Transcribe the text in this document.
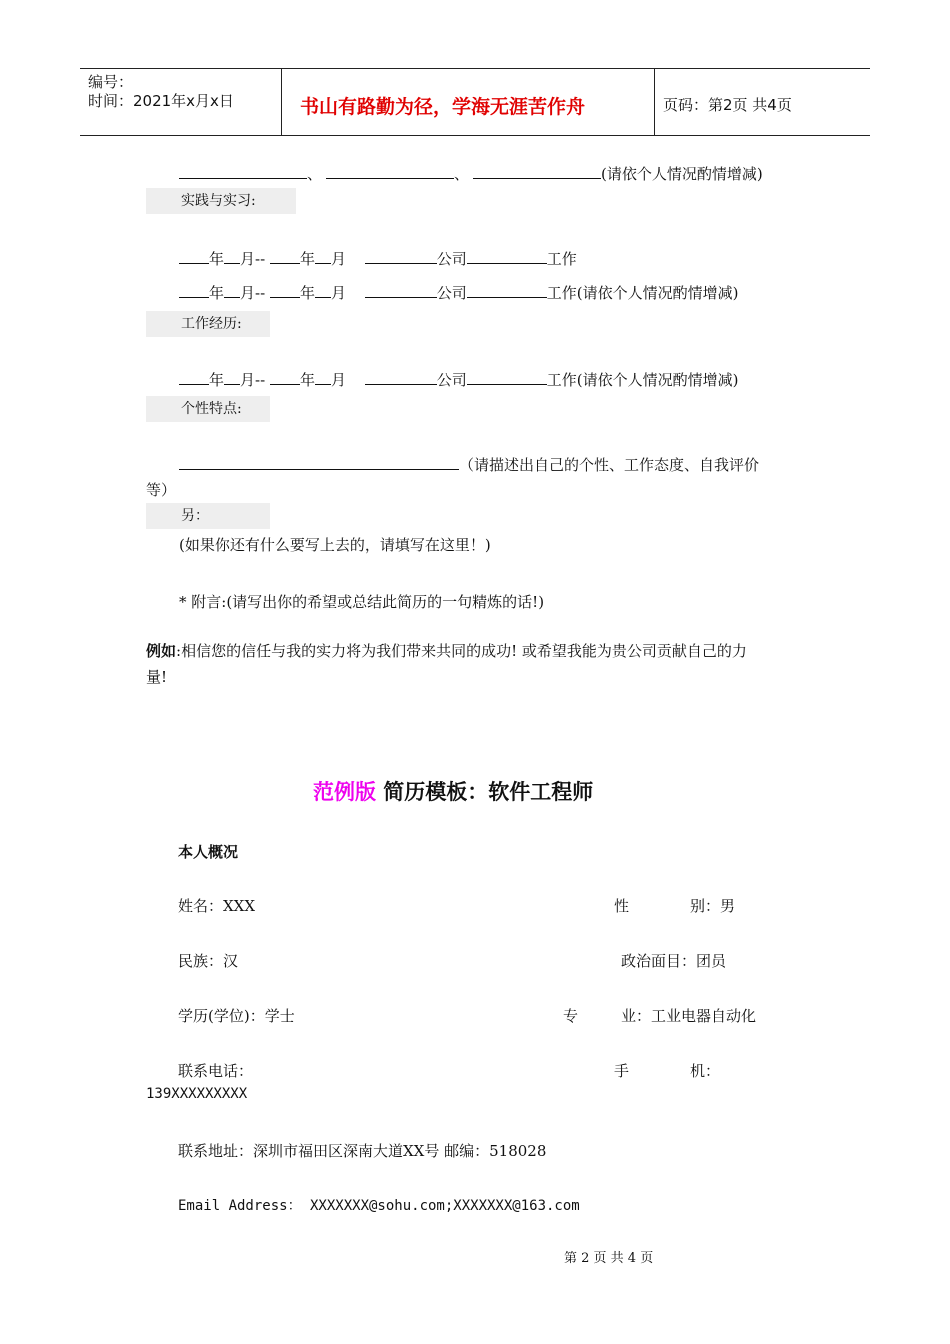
编号：
时间：2021年x月x日	书山有路勤为径，学海无涯苦作舟	页码：第2页 共4页
、	、	(请依个人情况酌情增减)
实践与实习:
年 月-- 年 月	公司	工作
年 月-- 年 月	公司	工作(请依个人情况酌情增减)
工作经历:
年 月-- 年 月	公司	工作(请依个人情况酌情增减)
个性特点:
（请描述出自己的个性、工作态度、自我评价
等）
另：
(如果你还有什么要写上去的，请填写在这里！)
* 附言:(请写出你的希望或总结此简历的一句精炼的话!)
例如:相信您的信任与我的实力将为我们带来共同的成功! 或希望我能为贵公司贡献自己的力
量!
范例版 简历模板：软件工程师
本人概况
姓名：XXX	性	别：男
民族：汉	政治面目：团员
学历(学位)：学士	专	业：工业电器自动化
联系电话：	手	机：
139XXXXXXXXX
联系地址：深圳市福田区深南大道XX号 邮编：518028
Email Address： XXXXXXX@sohu.com;XXXXXXX@163.com
第 2 页 共 4 页
